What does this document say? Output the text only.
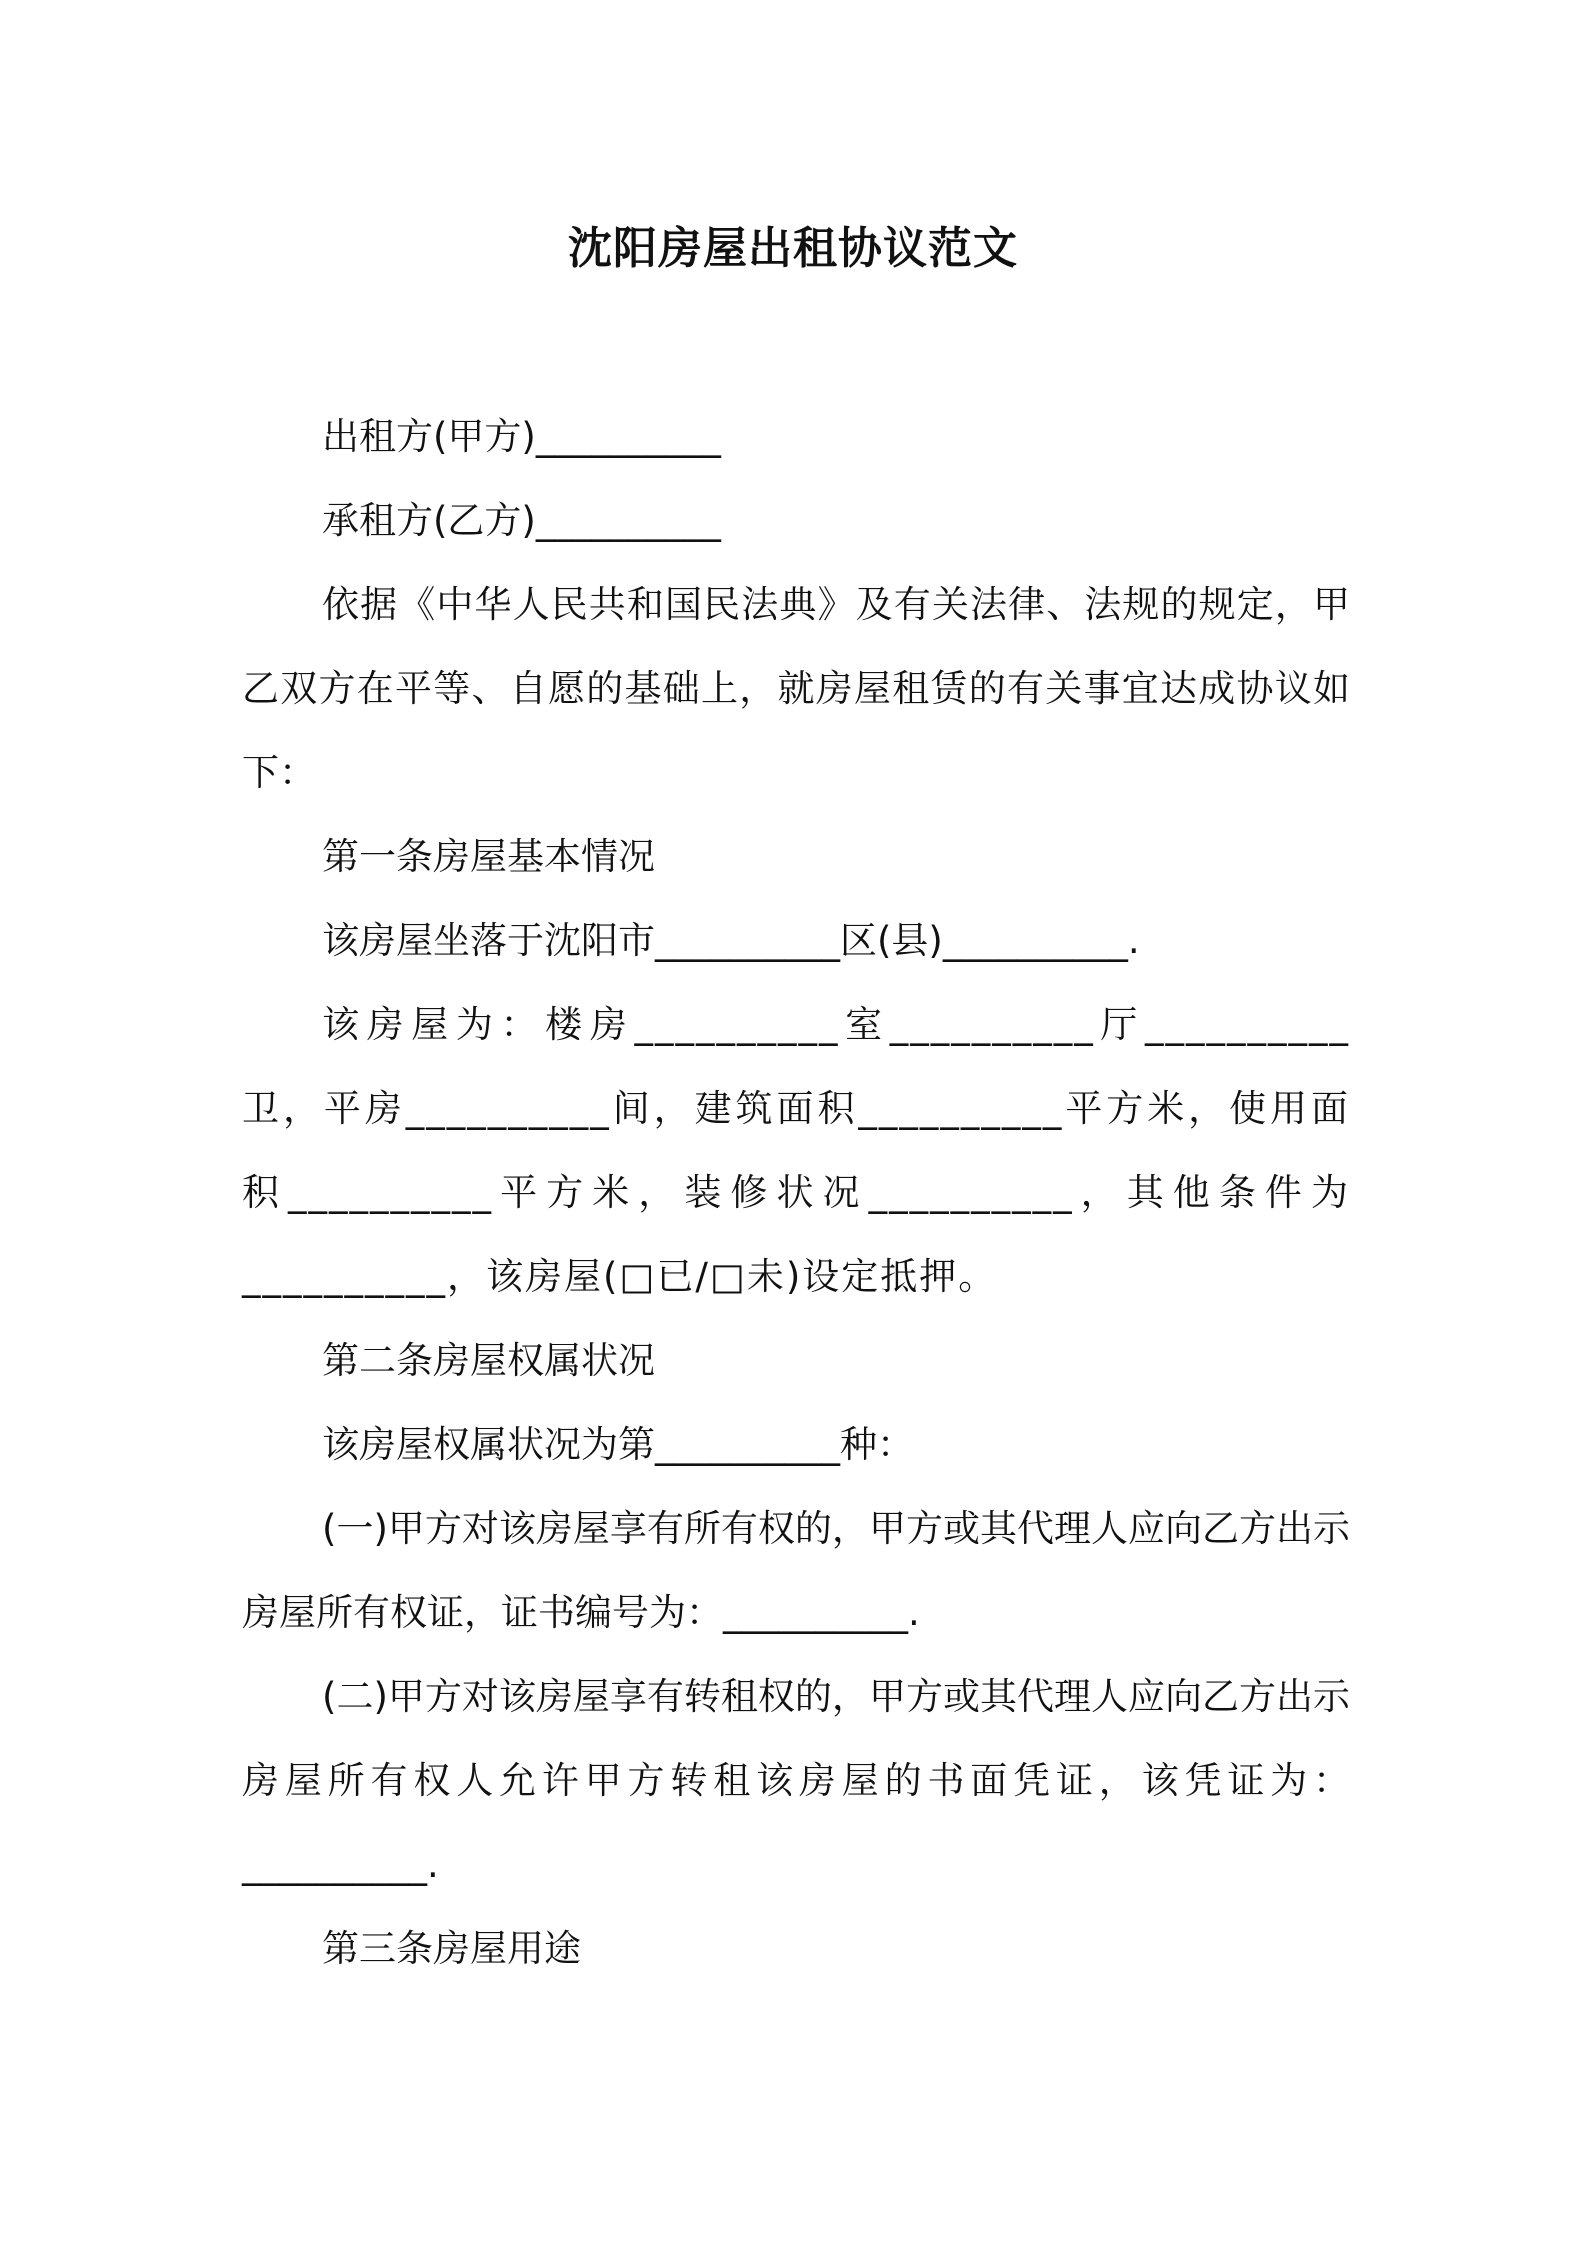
沈阳房屋出租协议范文

出租方(甲方)__________

承租方(乙方)__________

依据《中华人民共和国民法典》及有关法律、法规的规定，甲乙双方在平等、自愿的基础上，就房屋租赁的有关事宜达成协议如下：

第一条房屋基本情况

该房屋坐落于沈阳市__________区(县)__________.

该房屋为：楼房__________室__________厅__________卫，平房__________间，建筑面积__________平方米，使用面积__________平方米，装修状况__________，其他条件为__________，该房屋(□已/□未)设定抵押。

第二条房屋权属状况

该房屋权属状况为第__________种：

(一)甲方对该房屋享有所有权的，甲方或其代理人应向乙方出示房屋所有权证，证书编号为：__________.

(二)甲方对该房屋享有转租权的，甲方或其代理人应向乙方出示房屋所有权人允许甲方转租该房屋的书面凭证，该凭证为：__________.

第三条房屋用途
